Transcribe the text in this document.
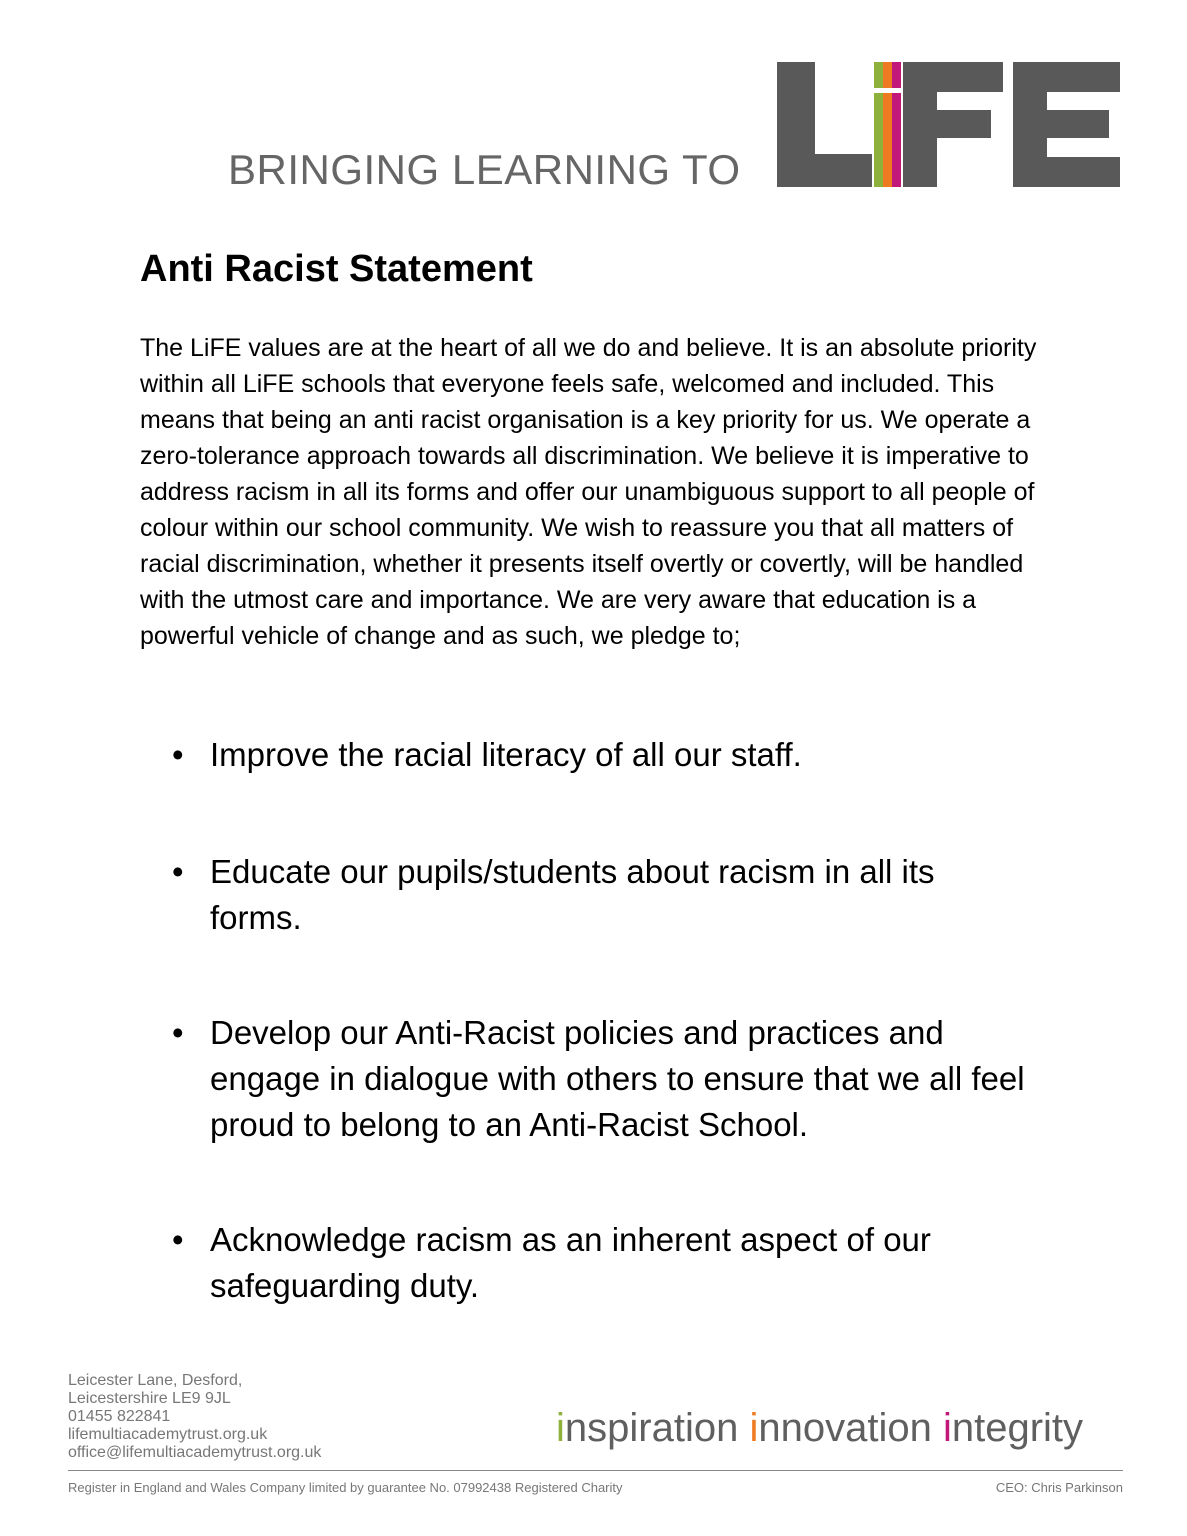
BRINGING LEARNING TO
Anti Racist Statement

The LiFE values are at the heart of all we do and believe. It is an absolute priority within all LiFE schools that everyone feels safe, welcomed and included. This means that being an anti racist organisation is a key priority for us. We operate a zero-tolerance approach towards all discrimination. We believe it is imperative to address racism in all its forms and offer our unambiguous support to all people of colour within our school community. We wish to reassure you that all matters of racial discrimination, whether it presents itself overtly or covertly, will be handled with the utmost care and importance. We are very aware that education is a powerful vehicle of change and as such, we pledge to;

• Improve the racial literacy of all our staff.
• Educate our pupils/students about racism in all its forms.
• Develop our Anti-Racist policies and practices and engage in dialogue with others to ensure that we all feel proud to belong to an Anti-Racist School.
• Acknowledge racism as an inherent aspect of our safeguarding duty.
Leicester Lane, Desford,
Leicestershire LE9 9JL
01455 822841
lifemultiacademytrust.org.uk
office@lifemultiacademytrust.org.uk
inspiration innovation integrity
Register in England and Wales Company limited by guarantee No. 07992438 Registered Charity	CEO: Chris Parkinson
